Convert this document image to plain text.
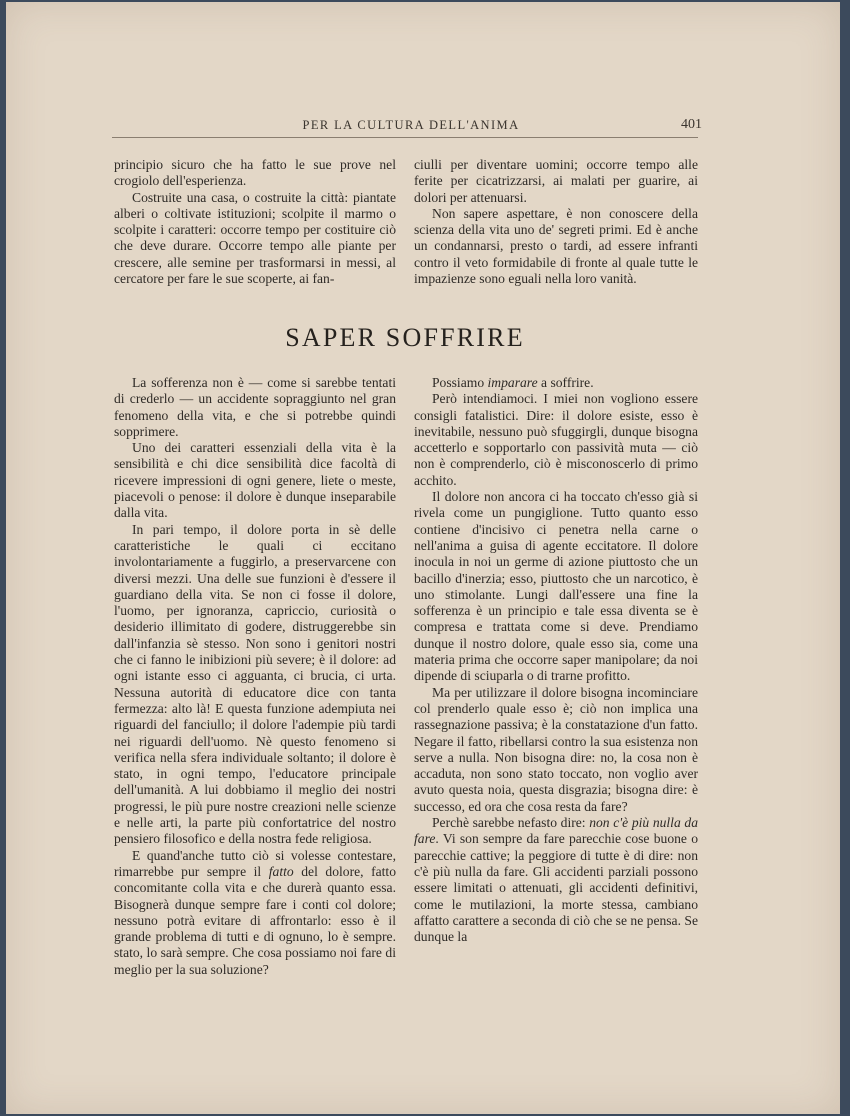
PER LA CULTURA DELL'ANIMA	401

principio sicuro che ha fatto le sue prove nel crogiolo dell'esperienza.

Costruite una casa, o costruite la città: piantate alberi o coltivate istituzioni; scolpite il marmo o scolpite i caratteri: occorre tempo per costituire ciò che deve durare. Occorre tempo alle piante per crescere, alle semine per trasformarsi in messi, al cercatore per fare le sue scoperte, ai fan-

ciulli per diventare uomini; occorre tempo alle ferite per cicatrizzarsi, ai malati per guarire, ai dolori per attenuarsi.

Non sapere aspettare, è non conoscere della scienza della vita uno de' segreti primi. Ed è anche un condannarsi, presto o tardi, ad essere infranti contro il veto formidabile di fronte al quale tutte le impazienze sono eguali nella loro vanità.

SAPER SOFFRIRE

La sofferenza non è — come si sarebbe tentati di crederlo — un accidente sopraggiunto nel gran fenomeno della vita, e che si potrebbe quindi sopprimere.

Uno dei caratteri essenziali della vita è la sensibilità e chi dice sensibilità dice facoltà di ricevere impressioni di ogni genere, liete o meste, piacevoli o penose: il dolore è dunque inseparabile dalla vita.

In pari tempo, il dolore porta in sè delle caratteristiche le quali ci eccitano involontariamente a fuggirlo, a preservarcene con diversi mezzi. Una delle sue funzioni è d'essere il guardiano della vita. Se non ci fosse il dolore, l'uomo, per ignoranza, capriccio, curiosità o desiderio illimitato di godere, distruggerebbe sin dall'infanzia sè stesso. Non sono i genitori nostri che ci fanno le inibizioni più severe; è il dolore: ad ogni istante esso ci agguanta, ci brucia, ci urta. Nessuna autorità di educatore dice con tanta fermezza: alto là! E questa funzione adempiuta nei riguardi del fanciullo; il dolore l'adempie più tardi nei riguardi dell'uomo. Nè questo fenomeno si verifica nella sfera individuale soltanto; il dolore è stato, in ogni tempo, l'educatore principale dell'umanità. A lui dobbiamo il meglio dei nostri progressi, le più pure nostre creazioni nelle scienze e nelle arti, la parte più confortatrice del nostro pensiero filosofico e della nostra fede religiosa.

E quand'anche tutto ciò si volesse contestare, rimarrebbe pur sempre il fatto del dolore, fatto concomitante colla vita e che durerà quanto essa. Bisognerà dunque sempre fare i conti col dolore; nessuno potrà evitare di affrontarlo: esso è il grande problema di tutti e di ognuno, lo è sempre. stato, lo sarà sempre. Che cosa possiamo noi fare di meglio per la sua soluzione?

Possiamo imparare a soffrire.

Però intendiamoci. I miei non vogliono essere consigli fatalistici. Dire: il dolore esiste, esso è inevitabile, nessuno può sfuggirgli, dunque bisogna accetterlo e sopportarlo con passività muta — ciò non è comprenderlo, ciò è misconoscerlo di primo acchito.

Il dolore non ancora ci ha toccato ch'esso già si rivela come un pungiglione. Tutto quanto esso contiene d'incisivo ci penetra nella carne o nell'anima a guisa di agente eccitatore. Il dolore inocula in noi un germe di azione piuttosto che un bacillo d'inerzia; esso, piuttosto che un narcotico, è uno stimolante. Lungi dall'essere una fine la sofferenza è un principio e tale essa diventa se è compresa e trattata come si deve. Prendiamo dunque il nostro dolore, quale esso sia, come una materia prima che occorre saper manipolare; da noi dipende di sciuparla o di trarne profitto.

Ma per utilizzare il dolore bisogna incominciare col prenderlo quale esso è; ciò non implica una rassegnazione passiva; è la constatazione d'un fatto. Negare il fatto, ribellarsi contro la sua esistenza non serve a nulla. Non bisogna dire: no, la cosa non è accaduta, non sono stato toccato, non voglio aver avuto questa noia, questa disgrazia; bisogna dire: è successo, ed ora che cosa resta da fare?

Perchè sarebbe nefasto dire: non c'è più nulla da fare. Vi son sempre da fare parecchie cose buone o parecchie cattive; la peggiore di tutte è di dire: non c'è più nulla da fare. Gli accidenti parziali possono essere limitati o attenuati, gli accidenti definitivi, come le mutilazioni, la morte stessa, cambiano affatto carattere a seconda di ciò che se ne pensa. Se dunque la
